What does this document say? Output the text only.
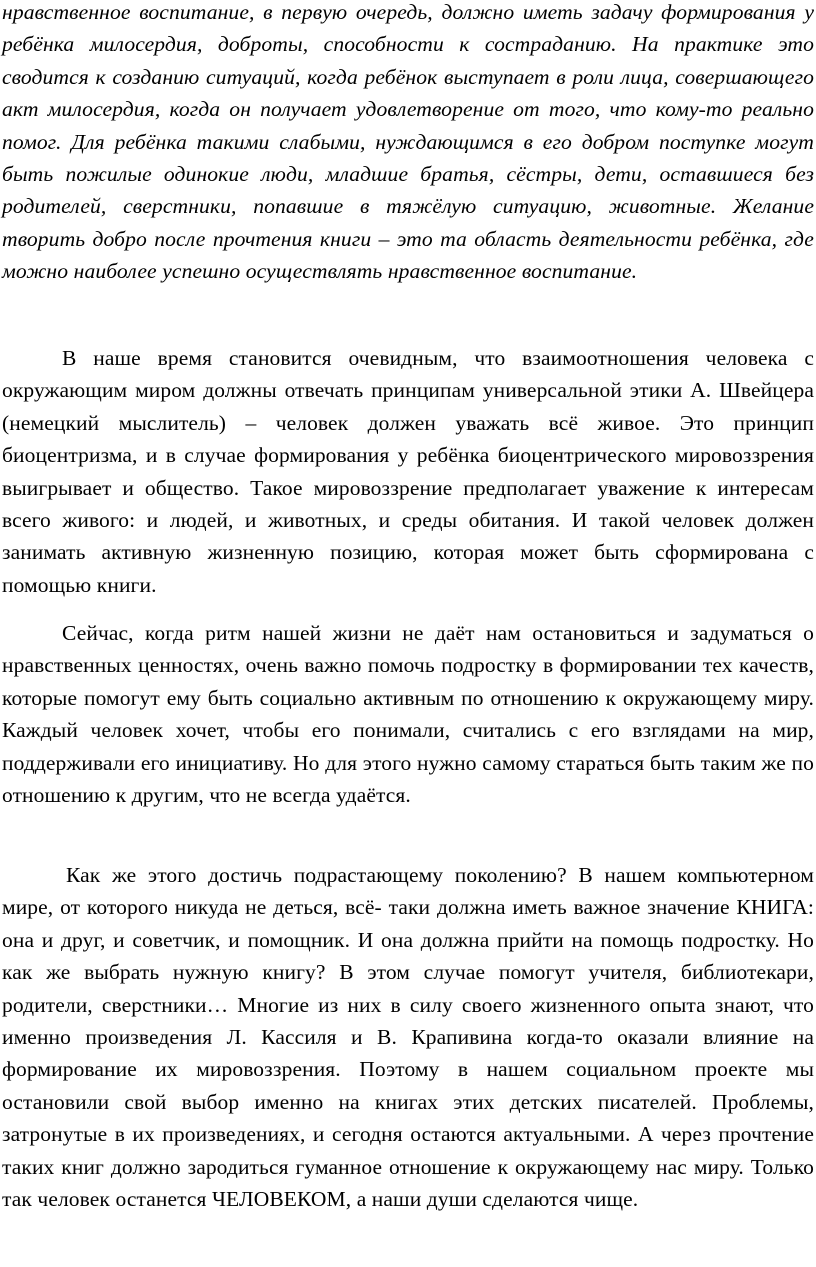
нравственное воспитание, в первую очередь, должно иметь задачу формирования у ребёнка милосердия, доброты, способности к состраданию. На практике это сводится к созданию ситуаций, когда ребёнок выступает в роли лица, совершающего акт милосердия, когда он получает удовлетворение от того, что кому-то реально помог. Для ребёнка такими слабыми, нуждающимся в его добром поступке могут быть пожилые одинокие люди, младшие братья, сёстры, дети, оставшиеся без родителей, сверстники, попавшие в тяжёлую ситуацию, животные. Желание творить добро после прочтения книги – это та область деятельности ребёнка, где можно наиболее успешно осуществлять нравственное воспитание.

В наше время становится очевидным, что взаимоотношения человека с окружающим миром должны отвечать принципам универсальной этики А. Швейцера (немецкий мыслитель) – человек должен уважать всё живое. Это принцип биоцентризма, и в случае формирования у ребёнка биоцентрического мировоззрения выигрывает и общество. Такое мировоззрение предполагает уважение к интересам всего живого: и людей, и животных, и среды обитания. И такой человек должен занимать активную жизненную позицию, которая может быть сформирована с помощью книги.

Сейчас, когда ритм нашей жизни не даёт нам остановиться и задуматься о нравственных ценностях, очень важно помочь подростку в формировании тех качеств, которые помогут ему быть социально активным по отношению к окружающему миру. Каждый человек хочет, чтобы его понимали, считались с его взглядами на мир, поддерживали его инициативу. Но для этого нужно самому стараться быть таким же по отношению к другим, что не всегда удаётся.

Как же этого достичь подрастающему поколению? В нашем компьютерном мире, от которого никуда не деться, всё- таки должна иметь важное значение КНИГА: она и друг, и советчик, и помощник. И она должна прийти на помощь подростку. Но как же выбрать нужную книгу? В этом случае помогут учителя, библиотекари, родители, сверстники… Многие из них в силу своего жизненного опыта знают, что именно произведения Л. Кассиля и В. Крапивина когда-то оказали влияние на формирование их мировоззрения. Поэтому в нашем социальном проекте мы остановили свой выбор именно на книгах этих детских писателей. Проблемы, затронутые в их произведениях, и сегодня остаются актуальными. А через прочтение таких книг должно зародиться гуманное отношение к окружающему нас миру. Только так человек останется ЧЕЛОВЕКОМ, а наши души сделаются чище.
